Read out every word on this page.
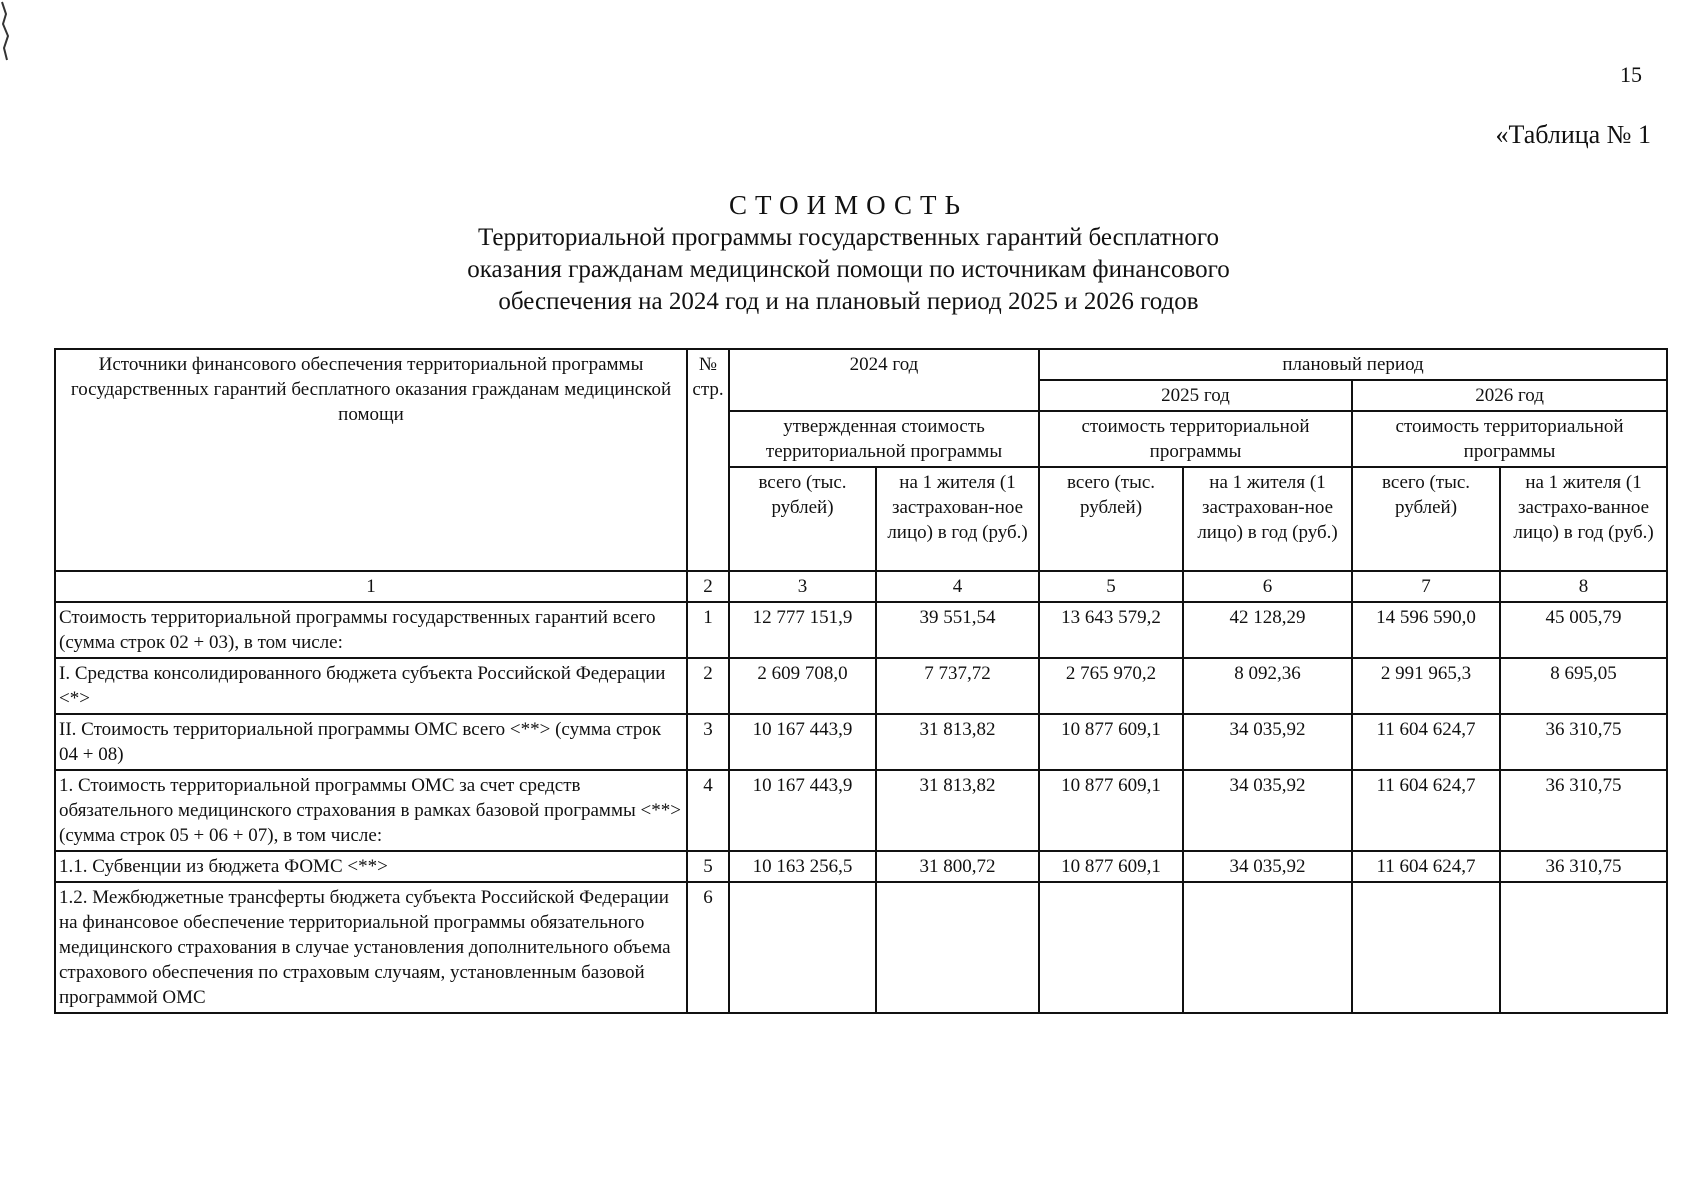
15
«Таблица № 1
СТОИМОСТЬ
Территориальной программы государственных гарантий бесплатного
оказания гражданам медицинской помощи по источникам финансового
обеспечения на 2024 год и на плановый период 2025 и 2026 годов
Источники финансового обеспечения территориальной программы государственных гарантий бесплатного оказания гражданам медицинской помощи	№ стр.	2024 год		плановый период			
				2025 год		2026 год	
		утвержденная стоимость территориальной программы		стоимость территориальной программы		стоимость территориальной программы	
		всего (тыс. рублей)	на 1 жителя (1 застрахован-ное лицо) в год (руб.)	всего (тыс. рублей)	на 1 жителя (1 застрахован-ное лицо) в год (руб.)	всего (тыс. рублей)	на 1 жителя (1 застрахо-ванное лицо) в год (руб.)
1	2	3	4	5	6	7	8
Стоимость территориальной программы государственных гарантий всего (сумма строк 02 + 03), в том числе:	1	12 777 151,9	39 551,54	13 643 579,2	42 128,29	14 596 590,0	45 005,79
I. Средства консолидированного бюджета субъекта Российской Федерации <*>	2	2 609 708,0	7 737,72	2 765 970,2	8 092,36	2 991 965,3	8 695,05
II. Стоимость территориальной программы ОМС всего <**> (сумма строк 04 + 08)	3	10 167 443,9	31 813,82	10 877 609,1	34 035,92	11 604 624,7	36 310,75
1. Стоимость территориальной программы ОМС за счет средств обязательного медицинского страхования в рамках базовой программы <**> (сумма строк 05 + 06 + 07), в том числе:	4	10 167 443,9	31 813,82	10 877 609,1	34 035,92	11 604 624,7	36 310,75
1.1. Субвенции из бюджета ФОМС <**>	5	10 163 256,5	31 800,72	10 877 609,1	34 035,92	11 604 624,7	36 310,75
1.2. Межбюджетные трансферты бюджета субъекта Российской Федерации на финансовое обеспечение территориальной программы обязательного медицинского страхования в случае установления дополнительного объема страхового обеспечения по страховым случаям, установленным базовой программой ОМС	6						
